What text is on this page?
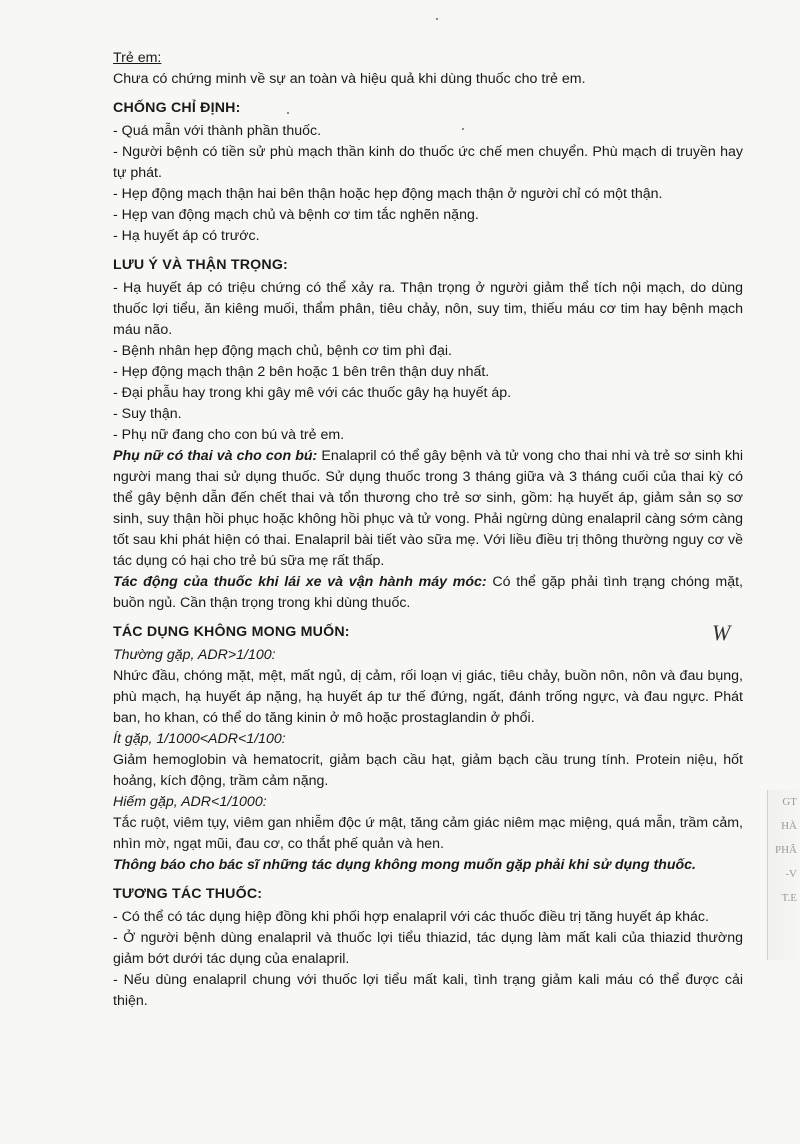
Trẻ em:

Chưa có chứng minh về sự an toàn và hiệu quả khi dùng thuốc cho trẻ em.

CHỐNG CHỈ ĐỊNH:

- Quá mẫn với thành phần thuốc.

- Người bệnh có tiền sử phù mạch thần kinh do thuốc ức chế men chuyển. Phù mạch di truyền hay tự phát.

- Hẹp động mạch thận hai bên thận hoặc hẹp động mạch thận ở người chỉ có một thận.

- Hẹp van động mạch chủ và bệnh cơ tim tắc nghẽn nặng.

- Hạ huyết áp có trước.

LƯU Ý VÀ THẬN TRỌNG:

- Hạ huyết áp có triệu chứng có thể xảy ra. Thận trọng ở người giảm thể tích nội mạch, do dùng thuốc lợi tiểu, ăn kiêng muối, thẩm phân, tiêu chảy, nôn, suy tim, thiếu máu cơ tim hay bệnh mạch máu não.

- Bệnh nhân hẹp động mạch chủ, bệnh cơ tim phì đại.

- Hẹp động mạch thận 2 bên hoặc 1 bên trên thận duy nhất.

- Đại phẫu hay trong khi gây mê với các thuốc gây hạ huyết áp.

- Suy thận.

- Phụ nữ đang cho con bú và trẻ em.

Phụ nữ có thai và cho con bú: Enalapril có thể gây bệnh và tử vong cho thai nhi và trẻ sơ sinh khi người mang thai sử dụng thuốc. Sử dụng thuốc trong 3 tháng giữa và 3 tháng cuối của thai kỳ có thể gây bệnh dẫn đến chết thai và tổn thương cho trẻ sơ sinh, gồm: hạ huyết áp, giảm sản sọ sơ sinh, suy thận hồi phục hoặc không hồi phục và tử vong. Phải ngừng dùng enalapril càng sớm càng tốt sau khi phát hiện có thai. Enalapril bài tiết vào sữa mẹ. Với liều điều trị thông thường nguy cơ về tác dụng có hại cho trẻ bú sữa mẹ rất thấp.

Tác động của thuốc khi lái xe và vận hành máy móc: Có thể gặp phải tình trạng chóng mặt, buồn ngủ. Cần thận trọng trong khi dùng thuốc.

TÁC DỤNG KHÔNG MONG MUỐN:

Thường gặp, ADR>1/100:

Nhức đầu, chóng mặt, mệt, mất ngủ, dị cảm, rối loạn vị giác, tiêu chảy, buồn nôn, nôn và đau bụng, phù mạch, hạ huyết áp nặng, hạ huyết áp tư thế đứng, ngất, đánh trống ngực, và đau ngực. Phát ban, ho khan, có thể do tăng kinin ở mô hoặc prostaglandin ở phổi.

Ít gặp, 1/1000<ADR<1/100:

Giảm hemoglobin và hematocrit, giảm bạch cầu hạt, giảm bạch cầu trung tính. Protein niệu, hốt hoảng, kích động, trầm cảm nặng.

Hiếm gặp, ADR<1/1000:

Tắc ruột, viêm tụy, viêm gan nhiễm độc ứ mật, tăng cảm giác niêm mạc miệng, quá mẫn, trầm cảm, nhìn mờ, ngạt mũi, đau cơ, co thắt phế quản và hen.

Thông báo cho bác sĩ những tác dụng không mong muốn gặp phải khi sử dụng thuốc.

TƯƠNG TÁC THUỐC:

- Có thể có tác dụng hiệp đồng khi phối hợp enalapril với các thuốc điều trị tăng huyết áp khác.

- Ở người bệnh dùng enalapril và thuốc lợi tiểu thiazid, tác dụng làm mất kali của thiazid thường giảm bớt dưới tác dụng của enalapril.

- Nếu dùng enalapril chung với thuốc lợi tiểu mất kali, tình trạng giảm kali máu có thể được cải thiện.

W
GT
HÀ
PHÂ
-V
T.E
